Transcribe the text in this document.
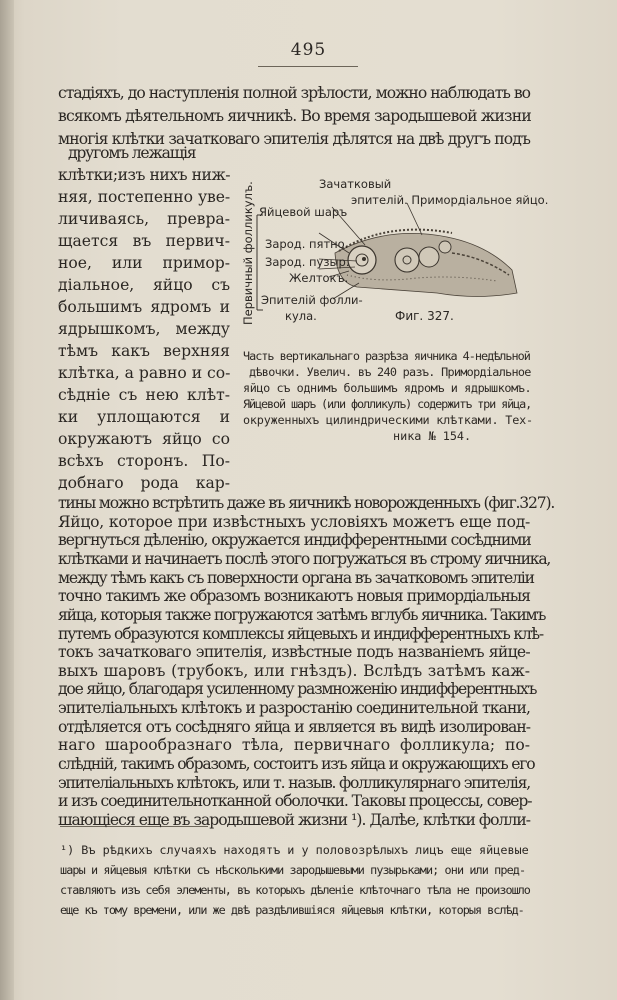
495
стадіяхъ, до наступленія полной зрѣлости, можно наблюдать во
всякомъ дѣятельномъ яичникѣ. Во время зародышевой жизни
многія клѣтки зачатковаго эпителія дѣлятся на двѣ другъ подъ
другомъ лежащія
клѣтки;изъ нихъ ниж-
няя, постепенно уве-
личиваясь, превра-
щается въ первич-
ное, или примор-
діальное, яйцо съ
большимъ ядромъ и
ядрышкомъ, между
тѣмъ какъ верхняя
клѣтка, а равно и со-
сѣдніе съ нею клѣт-
ки уплощаются и
окружаютъ яйцо со
всѣхъ сторонъ. По-
добнаго рода кар-
Первичный фолликулъ.	Зачатковый
эпителій. Примордіальное яйцо.
Яйцевой шаръ
Зарод. пятно.
Зарод. пузыр.
Желтокъ.
Эпителій фолли-
кула.	Фиг. 327.
Часть вертикальнаго разрѣза яичника 4-недѣльной
дѣвочки. Увелич. въ 240 разъ. Примордіальное
яйцо съ однимъ большимъ ядромъ и ядрышкомъ.
Яйцевой шаръ (или фолликулъ) содержитъ три яйца,
окруженныхъ цилиндрическими клѣтками. Тех-
ника № 154.
тины можно встрѣтить даже въ яичникѣ новорожденныхъ (фиг.327).
Яйцо, которое при извѣстныхъ условіяхъ можетъ еще под-
вергнуться дѣленію, окружается индифферентными сосѣдними
клѣтками и начинаетъ послѣ этого погружаться въ строму яичника,
между тѣмъ какъ съ поверхности органа въ зачатковомъ эпителіи
точно такимъ же образомъ возникаютъ новыя примордіальныя
яйца, которыя также погружаются затѣмъ вглубь яичника. Такимъ
путемъ образуются комплексы яйцевыхъ и индифферентныхъ клѣ-
токъ зачатковаго эпителія, извѣстные подъ названіемъ яйце-
выхъ шаровъ (трубокъ, или гнѣздъ). Вслѣдъ затѣмъ каж-
дое яйцо, благодаря усиленному размноженію индифферентныхъ
эпителіальныхъ клѣтокъ и разростанію соединительной ткани,
отдѣляется отъ сосѣдняго яйца и является въ видѣ изолирован-
наго шарообразнаго тѣла, первичнаго фолликула; по-
¹) Въ рѣдкихъ случаяхъ находятъ и у половозрѣлыхъ лицъ еще яйцевые
шары и яйцевыя клѣтки съ нѣсколькими зародышевыми пузырьками; они или пред-
ставляютъ изъ себя элементы, въ которыхъ дѣленіе клѣточнаго тѣла не произошло
еще къ тому времени, или же двѣ раздѣлившіяся яйцевыя клѣтки, которыя вслѣд-
слѣдній, такимъ образомъ, состоитъ изъ яйца и окружающихъ его
эпителіальныхъ клѣтокъ, или т. назыв. фолликулярнаго эпителія,
и изъ соединительнотканной оболочки. Таковы процессы, совер-
шающіеся еще въ зародышевой жизни ¹). Далѣе, клѣтки фолли-
